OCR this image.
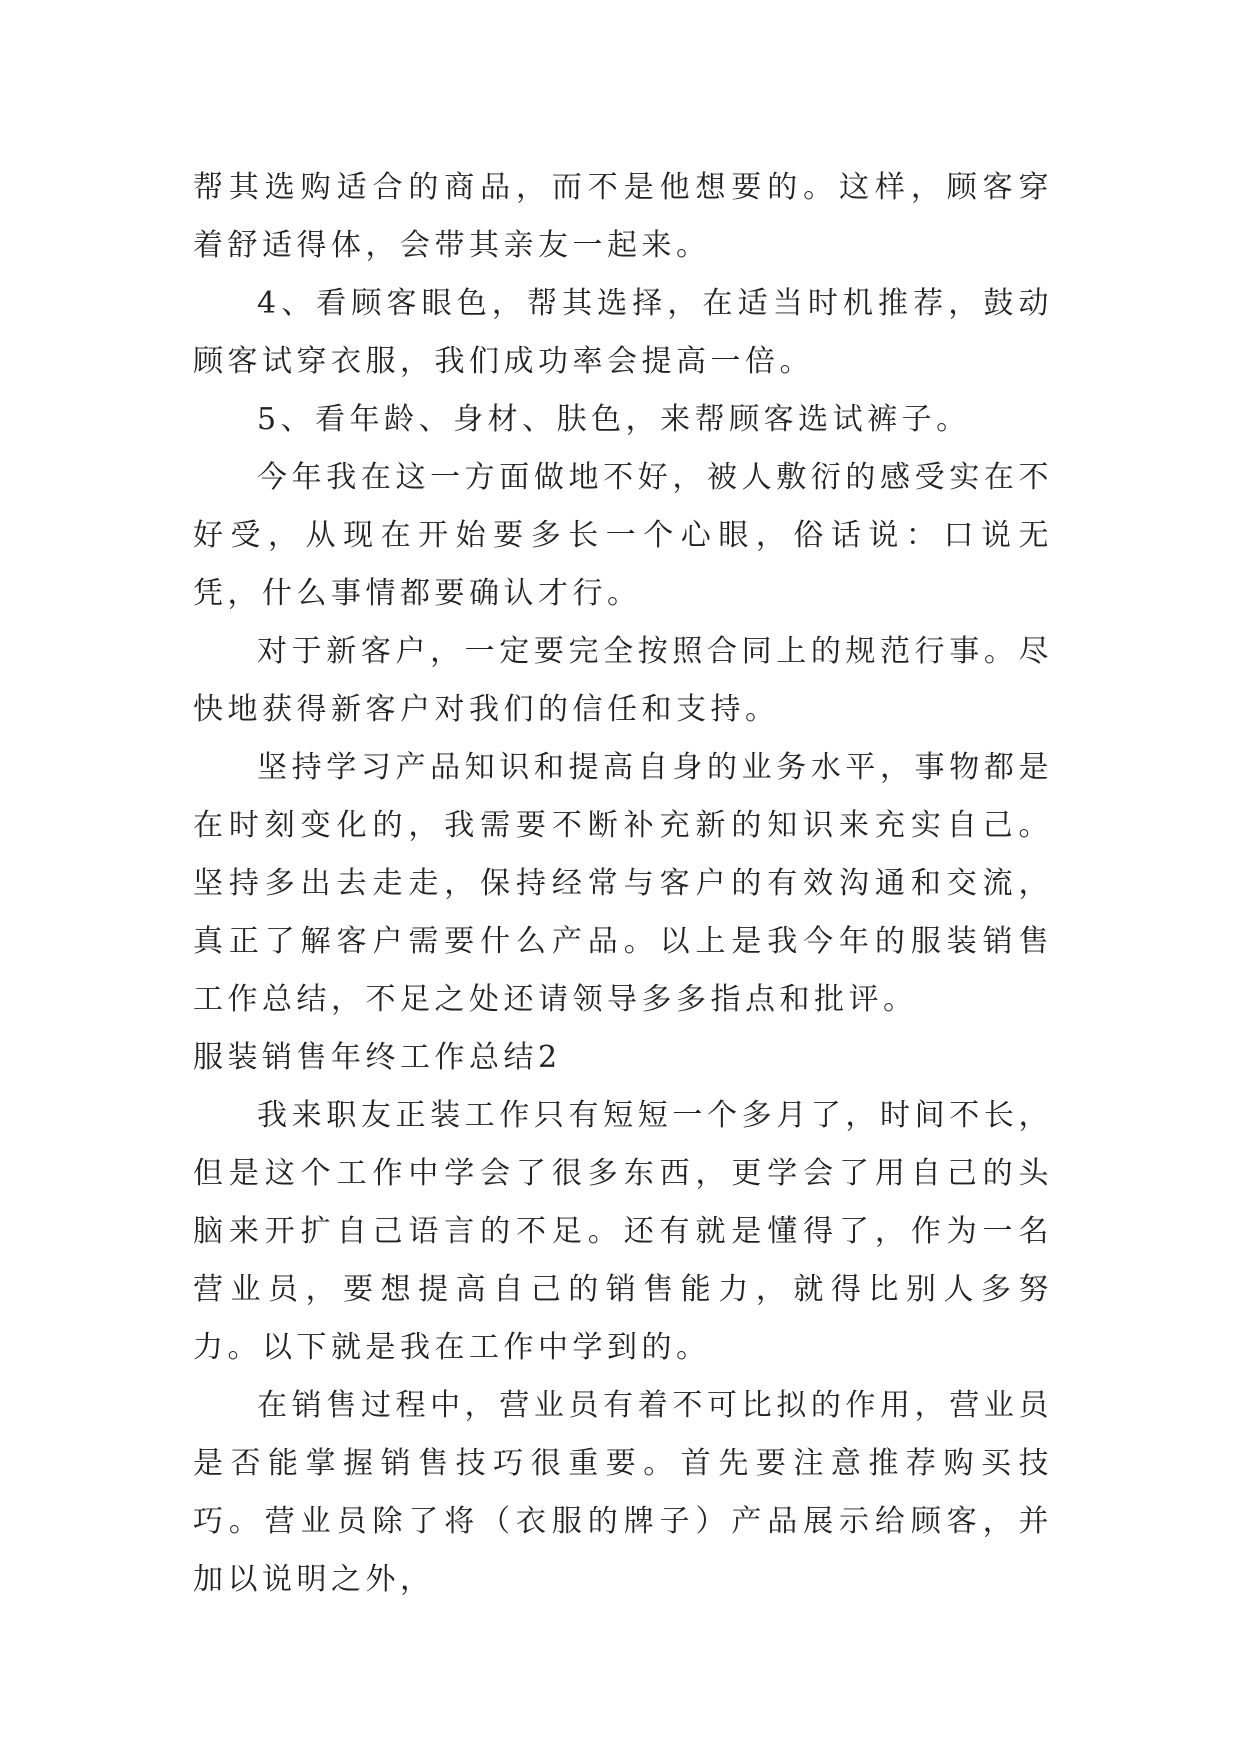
帮其选购适合的商品，而不是他想要的。这样，顾客穿着舒适得体，会带其亲友一起来。

4、看顾客眼色，帮其选择，在适当时机推荐，鼓动顾客试穿衣服，我们成功率会提高一倍。

5、看年龄、身材、肤色，来帮顾客选试裤子。

今年我在这一方面做地不好，被人敷衍的感受实在不好受，从现在开始要多长一个心眼，俗话说：口说无凭，什么事情都要确认才行。

对于新客户，一定要完全按照合同上的规范行事。尽快地获得新客户对我们的信任和支持。

坚持学习产品知识和提高自身的业务水平，事物都是在时刻变化的，我需要不断补充新的知识来充实自己。坚持多出去走走，保持经常与客户的有效沟通和交流，真正了解客户需要什么产品。以上是我今年的服装销售工作总结，不足之处还请领导多多指点和批评。

服装销售年终工作总结2

我来职友正装工作只有短短一个多月了，时间不长，但是这个工作中学会了很多东西，更学会了用自己的头脑来开扩自己语言的不足。还有就是懂得了，作为一名营业员，要想提高自己的销售能力，就得比别人多努力。以下就是我在工作中学到的。

在销售过程中，营业员有着不可比拟的作用，营业员是否能掌握销售技巧很重要。首先要注意推荐购买技巧。营业员除了将（衣服的牌子）产品展示给顾客，并加以说明之外，
